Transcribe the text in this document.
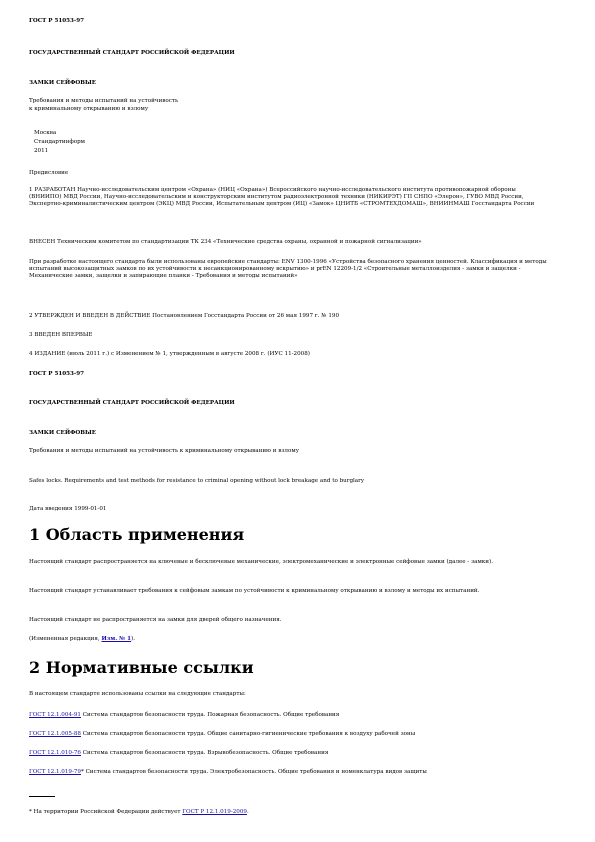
ГОСТ Р 51053-97
ГОСУДАРСТВЕННЫЙ СТАНДАРТ РОССИЙСКОЙ ФЕДЕРАЦИИ
ЗАМКИ СЕЙФОВЫЕ
Требования и методы испытаний на устойчивость
к криминальному открыванию и взлому
Москва
Стандартинформ
2011
Предисловие
1 РАЗРАБОТАН Научно-исследовательским центром «Охрана» (НИЦ «Охрана») Всероссийского научно-исследовательского института противопожарной обороны (ВНИИПО) МВД России, Научно-исследовательским и конструкторским институтом радиоэлектронной техники (НИКИРЭТ) ГП СНПО «Элерон», ГУВО МВД России, Экспертно-криминалистическим центром (ЭКЦ) МВД России, Испытательным центром (ИЦ) «Замок» ЦНИТБ «СТРОМТЕХДОМАШ», ВНИИНМАШ Госстандарта России
ВНЕСЕН Техническим комитетом по стандартизации ТК 234 «Технические средства охраны, охранной и пожарной сигнализации»
При разработке настоящего стандарта были использованы европейские стандарты: ENV 1300-1996 «Устройства безопасного хранения ценностей. Классификация и методы испытаний высокозащитных замков по их устойчивости к несанкционированному вскрытию» и prEN 12209-1/2 «Строительные металлоизделия - замки и защелки - Механические замки, защелки и запирающие планки - Требования и методы испытаний»
2 УТВЕРЖДЕН И ВВЕДЕН В ДЕЙСТВИЕ Постановлением Госстандарта России от 26 мая 1997 г. № 190
3 ВВЕДЕН ВПЕРВЫЕ
4 ИЗДАНИЕ (июль 2011 г.) с Изменением № 1, утвержденным в августе 2008 г. (ИУС 11-2008)
ГОСТ Р 51053-97
ГОСУДАРСТВЕННЫЙ СТАНДАРТ РОССИЙСКОЙ ФЕДЕРАЦИИ
ЗАМКИ СЕЙФОВЫЕ
Требования и методы испытаний на устойчивость к криминальному открыванию и взлому
Safes locks. Requirements and test methods for resistance to criminal opening without lock breakage and to burglary
Дата введения 1999-01-01
1 Область применения
Настоящий стандарт распространяется на ключевые и бесключевые механические, электромеханические и электронные сейфовые замки (далее - замки).
Настоящий стандарт устанавливает требования к сейфовым замкам по устойчивости к криминальному открыванию и взлому и методы их испытаний.
Настоящий стандарт не распространяется на замки для дверей общего назначения.
(Измененная редакция, Изм. № 1).
2 Нормативные ссылки
В настоящем стандарте использованы ссылки на следующие стандарты:
ГОСТ 12.1.004-91 Система стандартов безопасности труда. Пожарная безопасность. Общие требования
ГОСТ 12.1.005-88 Система стандартов безопасности труда. Общие санитарно-гигиенические требования к воздуху рабочей зоны
ГОСТ 12.1.010-76 Система стандартов безопасности труда. Взрывобезопасность. Общие требования
ГОСТ 12.1.019-79* Система стандартов безопасности труда. Электробезопасность. Общие требования и номенклатура видов защиты
* На территории Российской Федерации действует ГОСТ Р 12.1.019-2009.
